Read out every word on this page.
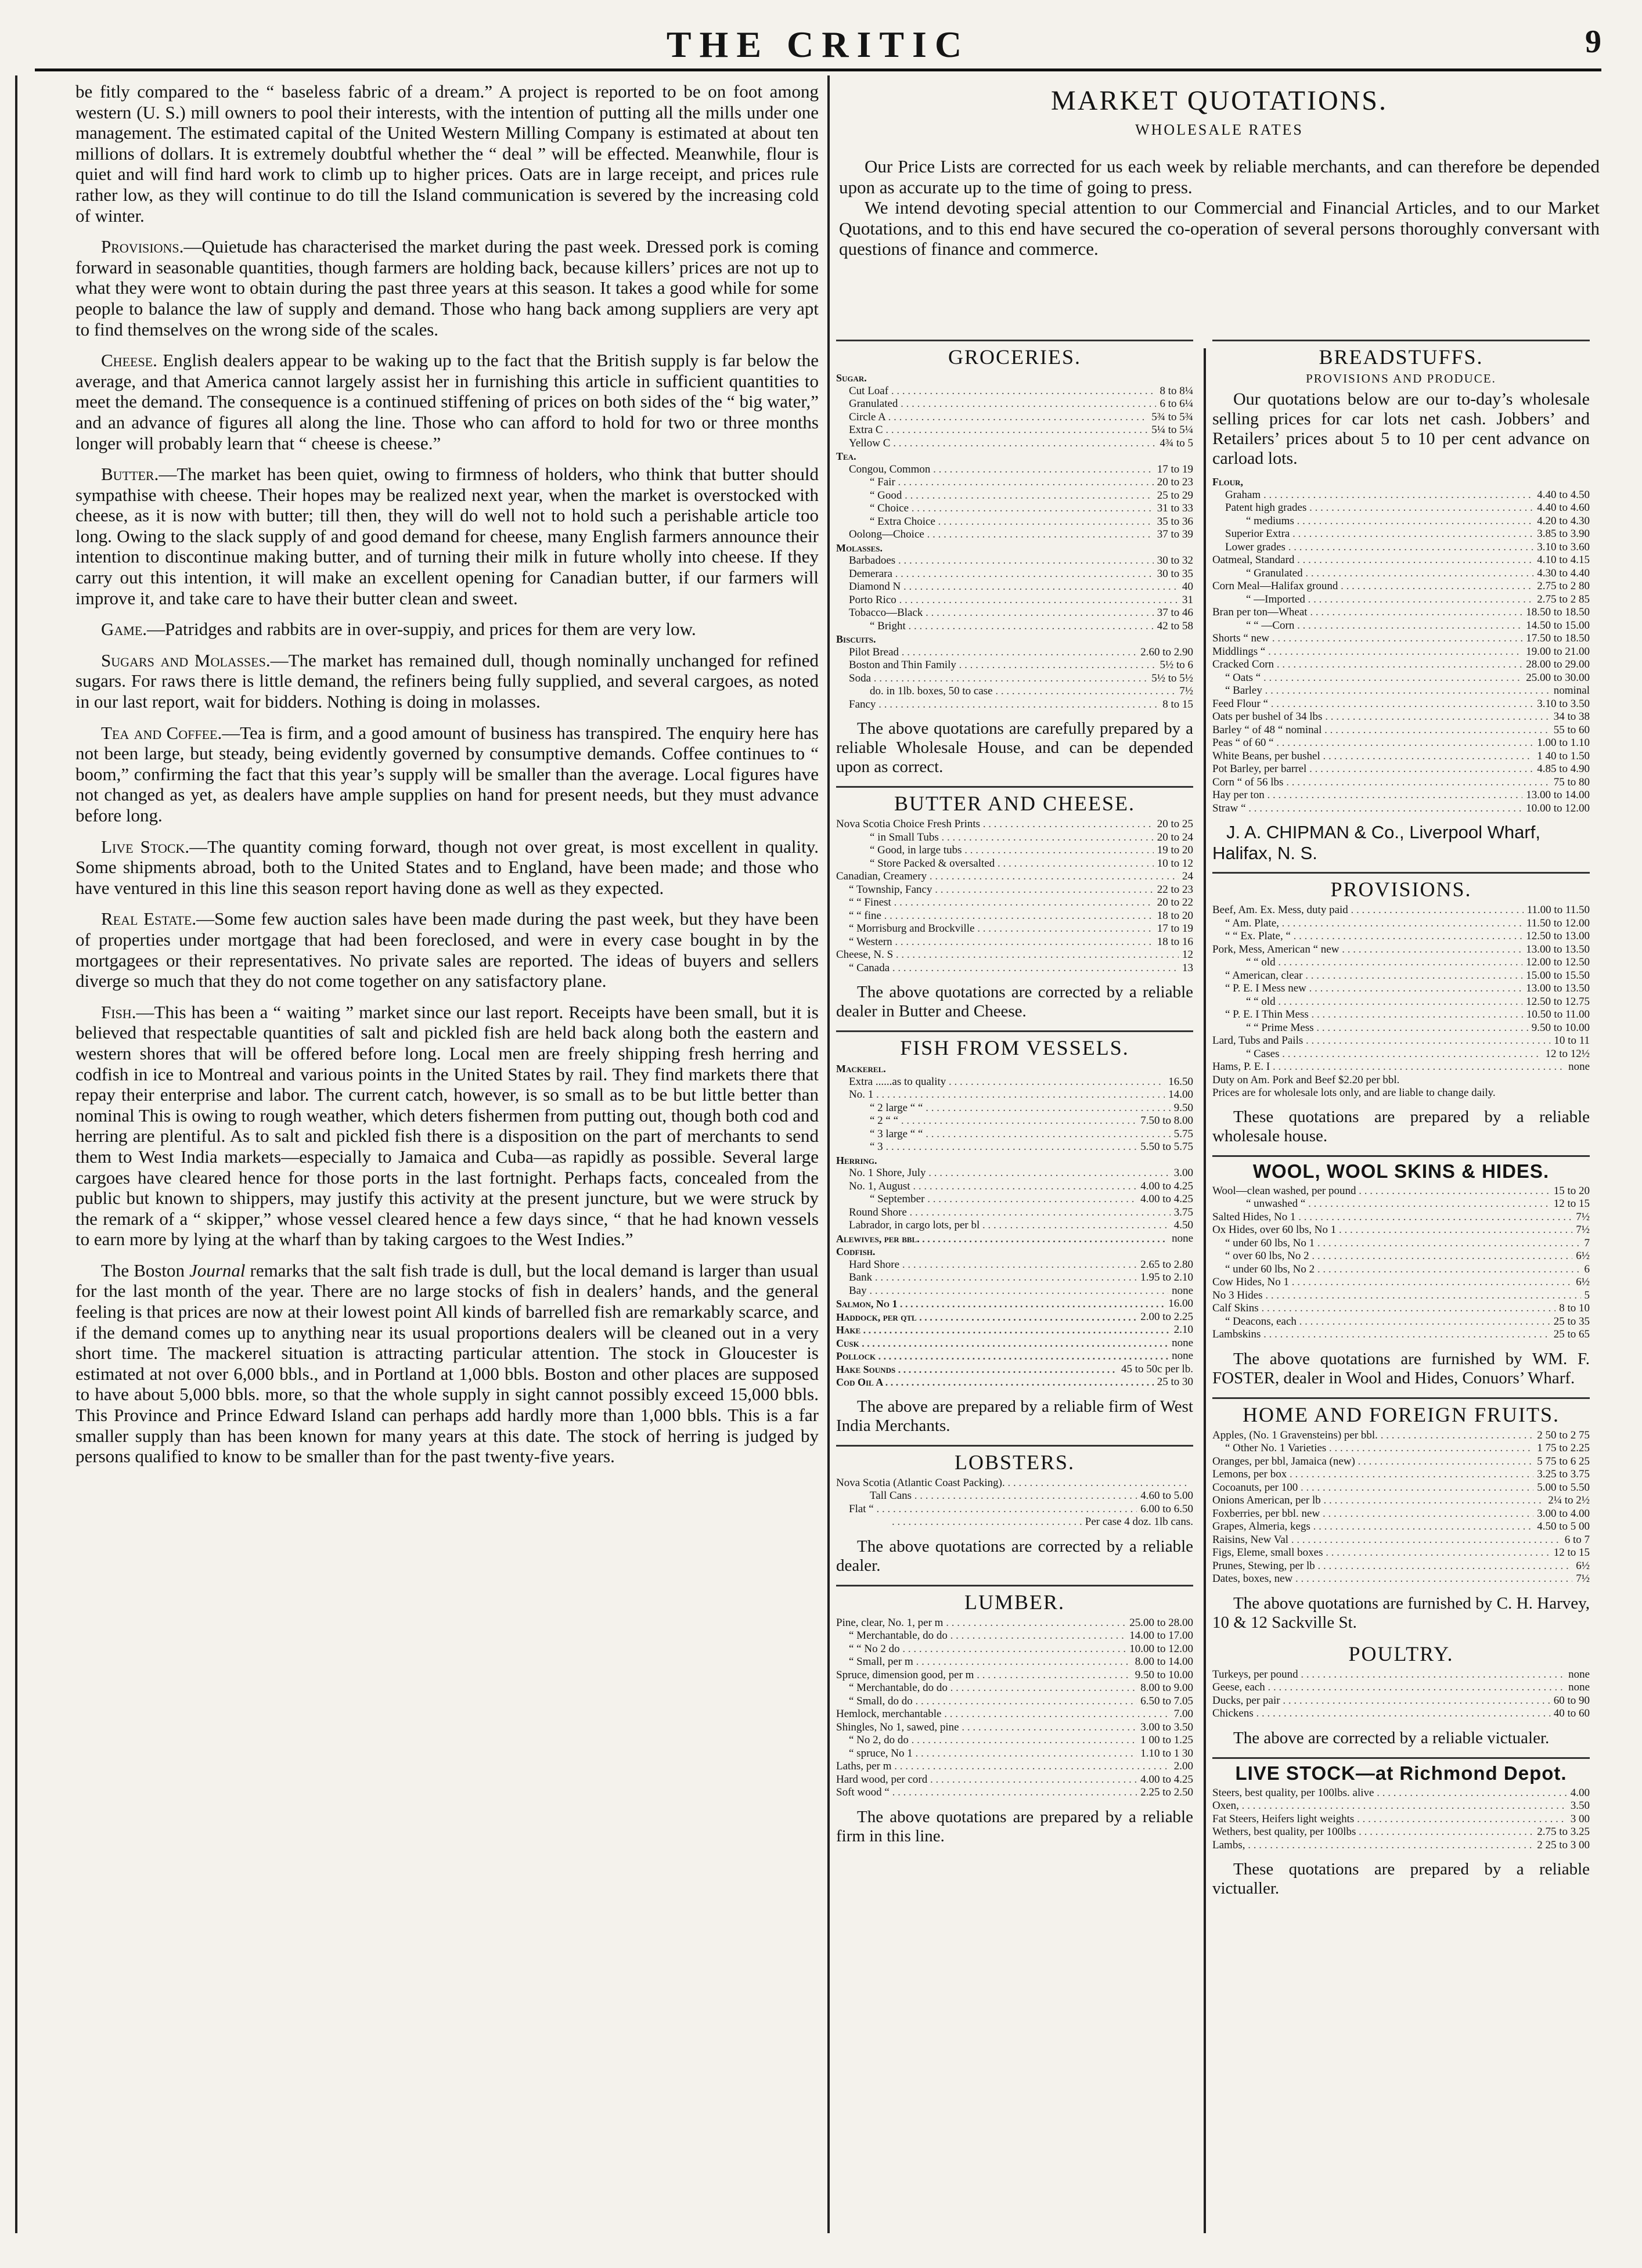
THE CRITIC	9

be fitly compared to the “ baseless fabric of a dream.” A project is reported to be on foot among western (U. S.) mill owners to pool their interests, with the intention of putting all the mills under one management. The estimated capital of the United Western Milling Company is estimated at about ten millions of dollars. It is extremely doubtful whether the “ deal ” will be effected. Meanwhile, flour is quiet and will find hard work to climb up to higher prices. Oats are in large receipt, and prices rule rather low, as they will continue to do till the Island communication is severed by the increasing cold of winter.

Provisions.—Quietude has characterised the market during the past week. Dressed pork is coming forward in seasonable quantities, though farmers are holding back, because killers’ prices are not up to what they were wont to obtain during the past three years at this season. It takes a good while for some people to balance the law of supply and demand. Those who hang back among suppliers are very apt to find themselves on the wrong side of the scales.

Cheese. English dealers appear to be waking up to the fact that the British supply is far below the average, and that America cannot largely assist her in furnishing this article in sufficient quantities to meet the demand. The consequence is a continued stiffening of prices on both sides of the “ big water,” and an advance of figures all along the line. Those who can afford to hold for two or three months longer will probably learn that “ cheese is cheese.”

Butter.—The market has been quiet, owing to firmness of holders, who think that butter should sympathise with cheese. Their hopes may be realized next year, when the market is overstocked with cheese, as it is now with butter; till then, they will do well not to hold such a perishable article too long. Owing to the slack supply of and good demand for cheese, many English farmers announce their intention to discontinue making butter, and of turning their milk in future wholly into cheese. If they carry out this intention, it will make an excellent opening for Canadian butter, if our farmers will improve it, and take care to have their butter clean and sweet.

Game.—Patridges and rabbits are in over-suppiy, and prices for them are very low.

Sugars and Molasses.—The market has remained dull, though nominally unchanged for refined sugars. For raws there is little demand, the refiners being fully supplied, and several cargoes, as noted in our last report, wait for bidders. Nothing is doing in molasses.

Tea and Coffee.—Tea is firm, and a good amount of business has transpired. The enquiry here has not been large, but steady, being evidently governed by consumptive demands. Coffee continues to “ boom,” confirming the fact that this year’s supply will be smaller than the average. Local figures have not changed as yet, as dealers have ample supplies on hand for present needs, but they must advance before long.

Live Stock.—The quantity coming forward, though not over great, is most excellent in quality. Some shipments abroad, both to the United States and to England, have been made; and those who have ventured in this line this season report having done as well as they expected.

Real Estate.—Some few auction sales have been made during the past week, but they have been of properties under mortgage that had been foreclosed, and were in every case bought in by the mortgagees or their representatives. No private sales are reported. The ideas of buyers and sellers diverge so much that they do not come together on any satisfactory plane.

Fish.—This has been a “ waiting ” market since our last report. Receipts have been small, but it is believed that respectable quantities of salt and pickled fish are held back along both the eastern and western shores that will be offered before long. Local men are freely shipping fresh herring and codfish in ice to Montreal and various points in the United States by rail. They find markets there that repay their enterprise and labor. The current catch, however, is so small as to be but little better than nominal This is owing to rough weather, which deters fishermen from putting out, though both cod and herring are plentiful. As to salt and pickled fish there is a disposition on the part of merchants to send them to West India markets—especially to Jamaica and Cuba—as rapidly as possible. Several large cargoes have cleared hence for those ports in the last fortnight. Perhaps facts, concealed from the public but known to shippers, may justify this activity at the present juncture, but we were struck by the remark of a “ skipper,” whose vessel cleared hence a few days since, “ that he had known vessels to earn more by lying at the wharf than by taking cargoes to the West Indies.”

The Boston Journal remarks that the salt fish trade is dull, but the local demand is larger than usual for the last month of the year. There are no large stocks of fish in dealers’ hands, and the general feeling is that prices are now at their lowest point All kinds of barrelled fish are remarkably scarce, and if the demand comes up to anything near its usual proportions dealers will be cleaned out in a very short time. The mackerel situation is attracting particular attention. The stock in Gloucester is estimated at not over 6,000 bbls., and in Portland at 1,000 bbls. Boston and other places are supposed to have about 5,000 bbls. more, so that the whole supply in sight cannot possibly exceed 15,000 bbls. This Province and Prince Edward Island can perhaps add hardly more than 1,000 bbls. This is a far smaller supply than has been known for many years at this date. The stock of herring is judged by persons qualified to know to be smaller than for the past twenty-five years.

MARKET QUOTATIONS.
WHOLESALE RATES

Our Price Lists are corrected for us each week by reliable merchants, and can therefore be depended upon as accurate up to the time of going to press.

We intend devoting special attention to our Commercial and Financial Articles, and to our Market Quotations, and to this end have secured the co-operation of several persons thoroughly conversant with questions of finance and commerce.

GROCERIES.
Sugar.
Cut Loaf . . .	8 to 8¼
Granulated . . .	6 to 6¼
Circle A . . .	5¾ to 5¾
Extra C . . .	5¼ to 5¼
Yellow C . . .	4¾ to 5
Tea.
Congou, Common . . .	17 to 19
“ Fair . . .	20 to 23
“ Good . . .	25 to 29
“ Choice . . .	31 to 33
“ Extra Choice . . .	35 to 36
Oolong—Choice . . .	37 to 39
Molasses.
Barbadoes . . .	30 to 32
Demerara . . .	30 to 35
Diamond N . . .	40
Porto Rico . . .	31
Tobacco—Black . . .	37 to 46
“ Bright . . .	42 to 58
Biscuits.
Pilot Bread . . .	2.60 to 2.90
Boston and Thin Family . . .	5½ to 6
Soda . . .	5½ to 5½
do. in 1lb. boxes, 50 to case . . .	7½
Fancy . . .	8 to 15
The above quotations are carefully prepared by a reliable Wholesale House, and can be depended upon as correct.
BUTTER AND CHEESE.
Nova Scotia Choice Fresh Prints . . .	20 to 25
“ in Small Tubs . . .	20 to 24
“ Good, in large tubs . . .	19 to 20
“ Store Packed & oversalted . . .	10 to 12
Canadian, Creamery . . .	24
“ Township, Fancy . . .	22 to 23
“ “ Finest . . .	20 to 22
“ “ fine . . .	18 to 20
“ Morrisburg and Brockville . . .	17 to 19
“ Western . . .	18 to 16
Cheese, N. S . . .	12
“ Canada . . .	13
The above quotations are corrected by a reliable dealer in Butter and Cheese.
FISH FROM VESSELS.
Mackerel.
Extra ......as to quality . . .	16.50
No. 1 . . .	14.00
“ 2 large “ “ . . .	9.50
“ 2 “ “ . . .	7.50 to 8.00
“ 3 large “ “ . . .	5.75
“ 3 . . .	5.50 to 5.75
Herring.
No. 1 Shore, July . . .	3.00
No. 1, August . . .	4.00 to 4.25
“ September . . .	4.00 to 4.25
Round Shore . . .	3.75
Labrador, in cargo lots, per bl . . .	4.50
Alewives, per bbl. . . .	none
Codfish.
Hard Shore . . .	2.65 to 2.80
Bank . . .	1.95 to 2.10
Bay . . .	none
Salmon, No 1 . . .	16.00
Haddock, per qtl . . .	2.00 to 2.25
Hake . . .	2.10
Cusk . . .	none
Pollock . . .	none
Hake Sounds . . .	45 to 50c per lb.
Cod Oil A . . .	25 to 30
The above are prepared by a reliable firm of West India Merchants.
LOBSTERS.
Nova Scotia (Atlantic Coast Packing). . . .
Tall Cans . . .	4.60 to 5.00
Flat “ . . .	6.00 to 6.50
. . .
Per case 4 doz. 1lb cans.
The above quotations are corrected by a reliable dealer.
LUMBER.
Pine, clear, No. 1, per m . . .	25.00 to 28.00
“ Merchantable, do do . . .	14.00 to 17.00
“ “ No 2 do . . .	10.00 to 12.00
“ Small, per m . . .	8.00 to 14.00
Spruce, dimension good, per m . . .	9.50 to 10.00
“ Merchantable, do do . . .	8.00 to 9.00
“ Small, do do . . .	6.50 to 7.05
Hemlock, merchantable . . .	7.00
Shingles, No 1, sawed, pine . . .	3.00 to 3.50
“ No 2, do do . . .	1 00 to 1.25
“ spruce, No 1 . . .	1.10 to 1 30
Laths, per m . . .	2.00
Hard wood, per cord . . .	4.00 to 4.25
Soft wood “ . . .	2.25 to 2.50
The above quotations are prepared by a reliable firm in this line.
BREADSTUFFS.
PROVISIONS AND PRODUCE.
Our quotations below are our to-day’s wholesale selling prices for car lots net cash. Jobbers’ and Retailers’ prices about 5 to 10 per cent advance on carload lots.
Flour,
Graham . . .	4.40 to 4.50
Patent high grades . . .	4.40 to 4.60
“ mediums . . .	4.20 to 4.30
Superior Extra . . .	3.85 to 3.90
Lower grades . . .	3.10 to 3.60
Oatmeal, Standard . . .	4.10 to 4.15
“ Granulated . . .	4.30 to 4.40
Corn Meal—Halifax ground . . .	2.75 to 2 80
“ —Imported . . .	2.75 to 2 85
Bran per ton—Wheat . . .	18.50 to 18.50
“ “ —Corn . . .	14.50 to 15.00
Shorts “ new . . .	17.50 to 18.50
Middlings “ . . .	19.00 to 21.00
Cracked Corn . . .	28.00 to 29.00
“ Oats “ . . .	25.00 to 30.00
“ Barley . . .	nominal
Feed Flour “ . . .	3.10 to 3.50
Oats per bushel of 34 lbs . . .	34 to 38
Barley “ of 48 “ nominal . . .	55 to 60
Peas “ of 60 “ . . .	1.00 to 1.10
White Beans, per bushel . . .	1 40 to 1.50
Pot Barley, per barrel . . .	4.85 to 4.90
Corn “ of 56 lbs . . .	75 to 80
Hay per ton . . .	13.00 to 14.00
Straw “ . . .	10.00 to 12.00
J. A. CHIPMAN & Co., Liverpool Wharf, Halifax, N. S.
PROVISIONS.
Beef, Am. Ex. Mess, duty paid . . .	11.00 to 11.50
“ Am. Plate, . . .	11.50 to 12.00
“ “ Ex. Plate, “ . . .	12.50 to 13.00
Pork, Mess, American “ new . . .	13.00 to 13.50
“ “ old . . .	12.00 to 12.50
“ American, clear . . .	15.00 to 15.50
“ P. E. I Mess new . . .	13.00 to 13.50
“ “ old . . .	12.50 to 12.75
“ P. E. I Thin Mess . . .	10.50 to 11.00
“ “ Prime Mess . . .	9.50 to 10.00
Lard, Tubs and Pails . . .	10 to 11
“ Cases . . .	12 to 12½
Hams, P. E. I . . .	none
Duty on Am. Pork and Beef $2.20 per bbl.
Prices are for wholesale lots only, and are liable to change daily.
These quotations are prepared by a reliable wholesale house.
WOOL, WOOL SKINS & HIDES.
Wool—clean washed, per pound . . .	15 to 20
“ unwashed “ . . .	12 to 15
Salted Hides, No 1 . . .	7½
Ox Hides, over 60 lbs, No 1 . . .	7½
“ under 60 lbs, No 1 . . .	7
“ over 60 lbs, No 2 . . .	6½
“ under 60 lbs, No 2 . . .	6
Cow Hides, No 1 . . .	6½
No 3 Hides . . .	5
Calf Skins . . .	8 to 10
“ Deacons, each . . .	25 to 35
Lambskins . . .	25 to 65
The above quotations are furnished by WM. F. FOSTER, dealer in Wool and Hides, Conuors’ Wharf.
HOME AND FOREIGN FRUITS.
Apples, (No. 1 Gravensteins) per bbl. . . .	2 50 to 2 75
“ Other No. 1 Varieties . . .	1 75 to 2.25
Oranges, per bbl, Jamaica (new) . . .	5 75 to 6 25
Lemons, per box . . .	3.25 to 3.75
Cocoanuts, per 100 . . .	5.00 to 5.50
Onions American, per lb . . .	2¼ to 2½
Foxberries, per bbl. new . . .	3.00 to 4.00
Grapes, Almeria, kegs . . .	4.50 to 5 00
Raisins, New Val . . .	6 to 7
Figs, Eleme, small boxes . . .	12 to 15
Prunes, Stewing, per lb . . .	6½
Dates, boxes, new . . .	7½
The above quotations are furnished by C. H. Harvey, 10 & 12 Sackville St.
POULTRY.
Turkeys, per pound . . .	none
Geese, each . . .	none
Ducks, per pair . . .	60 to 90
Chickens . . .	40 to 60
The above are corrected by a reliable victualer.
LIVE STOCK—at Richmond Depot.
Steers, best quality, per 100lbs. alive . . .	4.00
Oxen, . . .	3.50
Fat Steers, Heifers light weights . . .	3 00
Wethers, best quality, per 100lbs . . .	2.75 to 3.25
Lambs, . . .	2 25 to 3 00
These quotations are prepared by a reliable victualler.
